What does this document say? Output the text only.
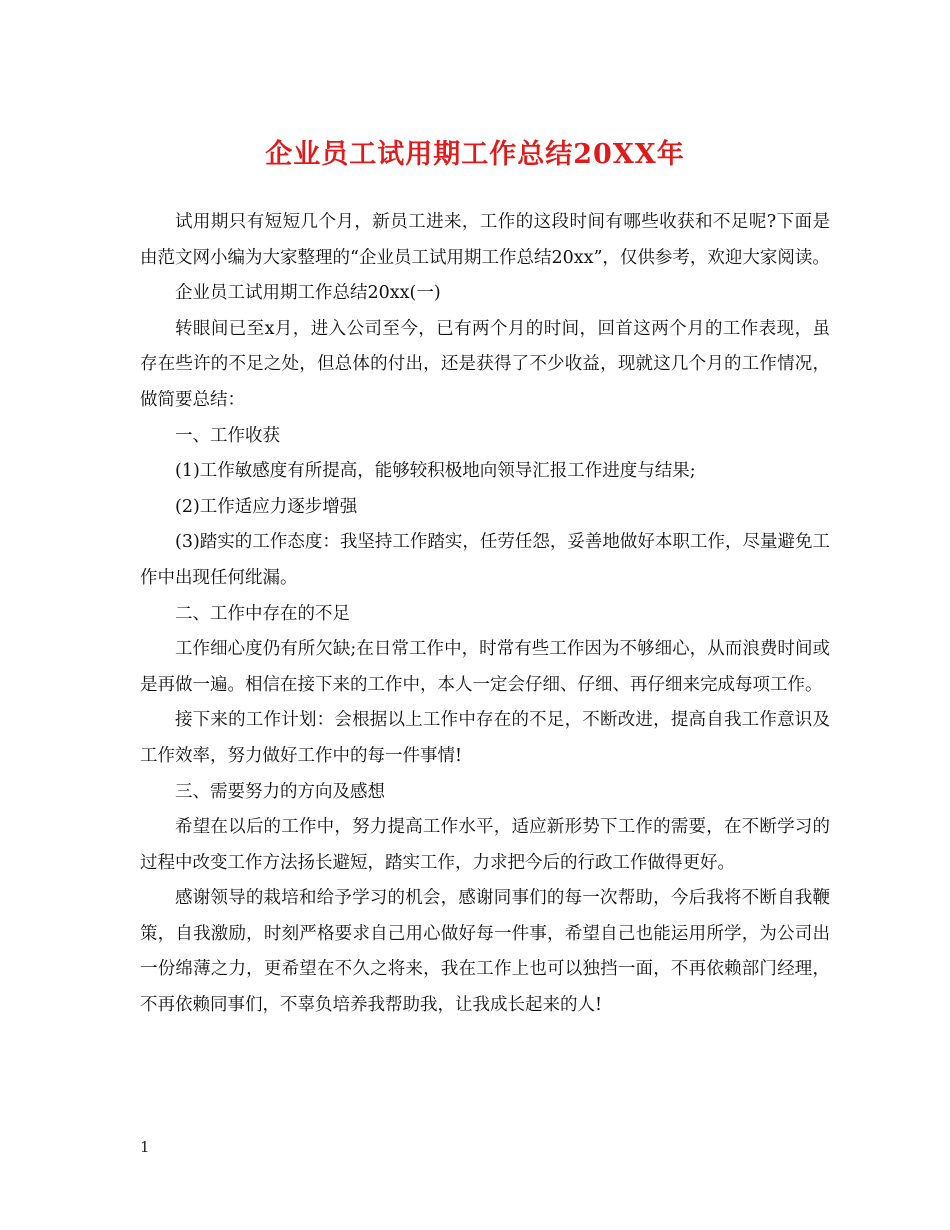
企业员工试用期工作总结20XX年

试用期只有短短几个月，新员工进来，工作的这段时间有哪些收获和不足呢?下面是由范文网小编为大家整理的“企业员工试用期工作总结20xx”，仅供参考，欢迎大家阅读。

企业员工试用期工作总结20xx(一)

转眼间已至x月，进入公司至今，已有两个月的时间，回首这两个月的工作表现，虽存在些许的不足之处，但总体的付出，还是获得了不少收益，现就这几个月的工作情况，做简要总结：

一、工作收获

(1)工作敏感度有所提高，能够较积极地向领导汇报工作进度与结果;

(2)工作适应力逐步增强

(3)踏实的工作态度：我坚持工作踏实，任劳任怨，妥善地做好本职工作，尽量避免工作中出现任何纰漏。

二、工作中存在的不足

工作细心度仍有所欠缺;在日常工作中，时常有些工作因为不够细心，从而浪费时间或是再做一遍。相信在接下来的工作中，本人一定会仔细、仔细、再仔细来完成每项工作。

接下来的工作计划：会根据以上工作中存在的不足，不断改进，提高自我工作意识及工作效率，努力做好工作中的每一件事情!

三、需要努力的方向及感想

希望在以后的工作中，努力提高工作水平，适应新形势下工作的需要，在不断学习的过程中改变工作方法扬长避短，踏实工作，力求把今后的行政工作做得更好。

感谢领导的栽培和给予学习的机会，感谢同事们的每一次帮助，今后我将不断自我鞭策，自我激励，时刻严格要求自己用心做好每一件事，希望自己也能运用所学，为公司出一份绵薄之力，更希望在不久之将来，我在工作上也可以独挡一面，不再依赖部门经理，不再依赖同事们，不辜负培养我帮助我，让我成长起来的人!

1
